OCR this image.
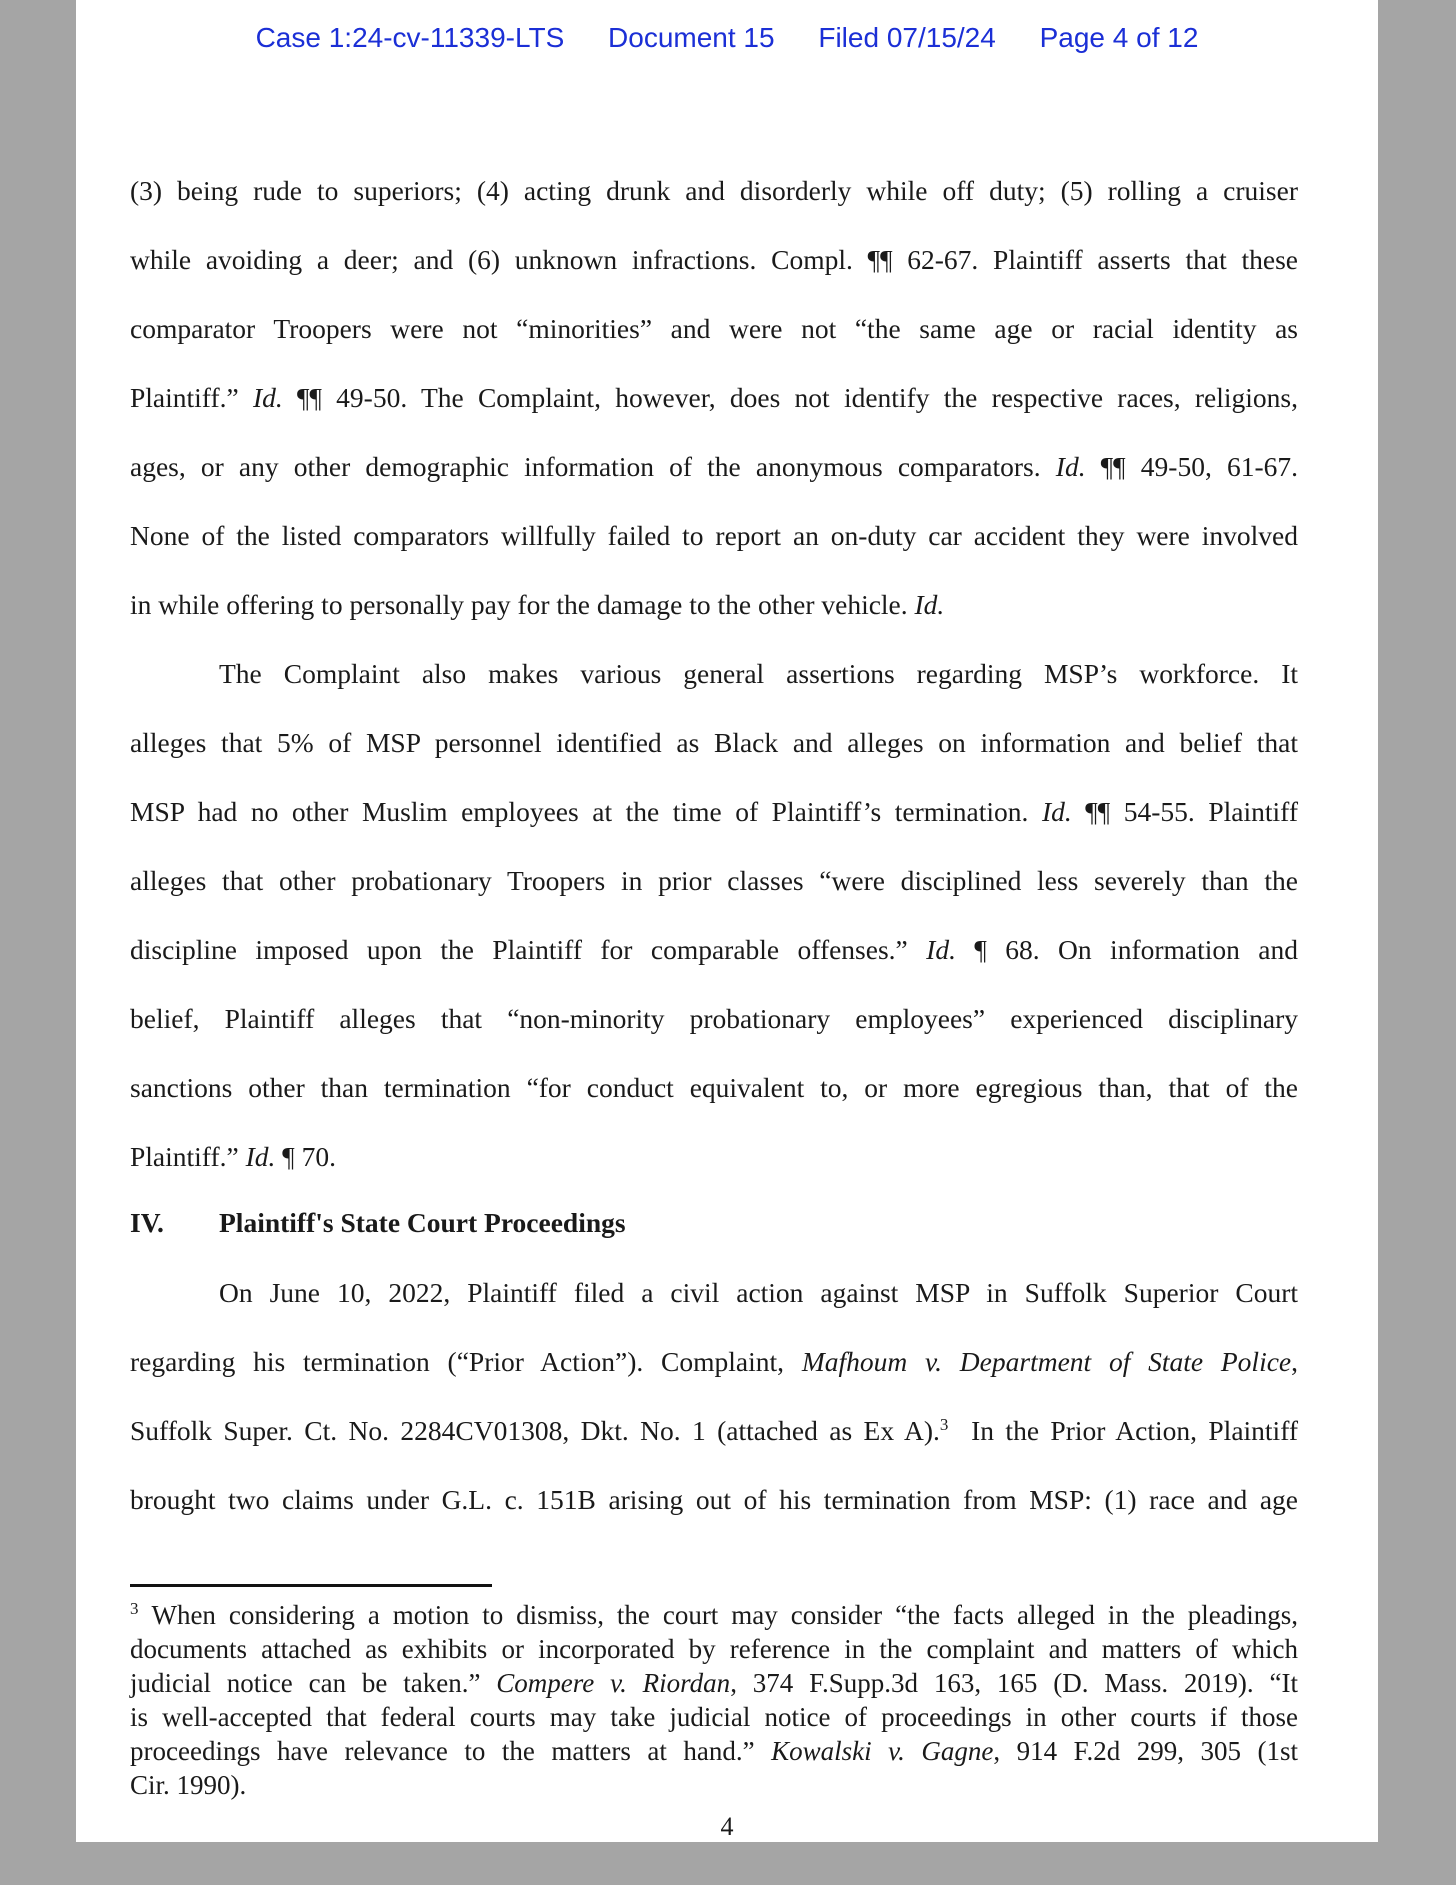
Case 1:24-cv-11339-LTS Document 15 Filed 07/15/24 Page 4 of 12

(3) being rude to superiors; (4) acting drunk and disorderly while off duty; (5) rolling a cruiser
while avoiding a deer; and (6) unknown infractions. Compl. ¶¶ 62-67. Plaintiff asserts that these
comparator Troopers were not “minorities” and were not “the same age or racial identity as
Plaintiff.” Id. ¶¶ 49-50. The Complaint, however, does not identify the respective races, religions,
ages, or any other demographic information of the anonymous comparators. Id. ¶¶ 49-50, 61-67.
None of the listed comparators willfully failed to report an on-duty car accident they were involved
in while offering to personally pay for the damage to the other vehicle. Id.

The Complaint also makes various general assertions regarding MSP’s workforce. It
alleges that 5% of MSP personnel identified as Black and alleges on information and belief that
MSP had no other Muslim employees at the time of Plaintiff’s termination. Id. ¶¶ 54-55. Plaintiff
alleges that other probationary Troopers in prior classes “were disciplined less severely than the
discipline imposed upon the Plaintiff for comparable offenses.” Id. ¶ 68. On information and
belief, Plaintiff alleges that “non-minority probationary employees” experienced disciplinary
sanctions other than termination “for conduct equivalent to, or more egregious than, that of the
Plaintiff.” Id. ¶ 70.

IV. Plaintiff's State Court Proceedings

On June 10, 2022, Plaintiff filed a civil action against MSP in Suffolk Superior Court
regarding his termination (“Prior Action”). Complaint, Mafhoum v. Department of State Police,
Suffolk Super. Ct. No. 2284CV01308, Dkt. No. 1 (attached as Ex A).$^3$ In the Prior Action, Plaintiff
brought two claims under G.L. c. 151B arising out of his termination from MSP: (1) race and age

$^3$ When considering a motion to dismiss, the court may consider “the facts alleged in the pleadings,
documents attached as exhibits or incorporated by reference in the complaint and matters of which
judicial notice can be taken.” Compere v. Riordan, 374 F.Supp.3d 163, 165 (D. Mass. 2019). “It
is well-accepted that federal courts may take judicial notice of proceedings in other courts if those
proceedings have relevance to the matters at hand.” Kowalski v. Gagne, 914 F.2d 299, 305 (1st
Cir. 1990).
4
